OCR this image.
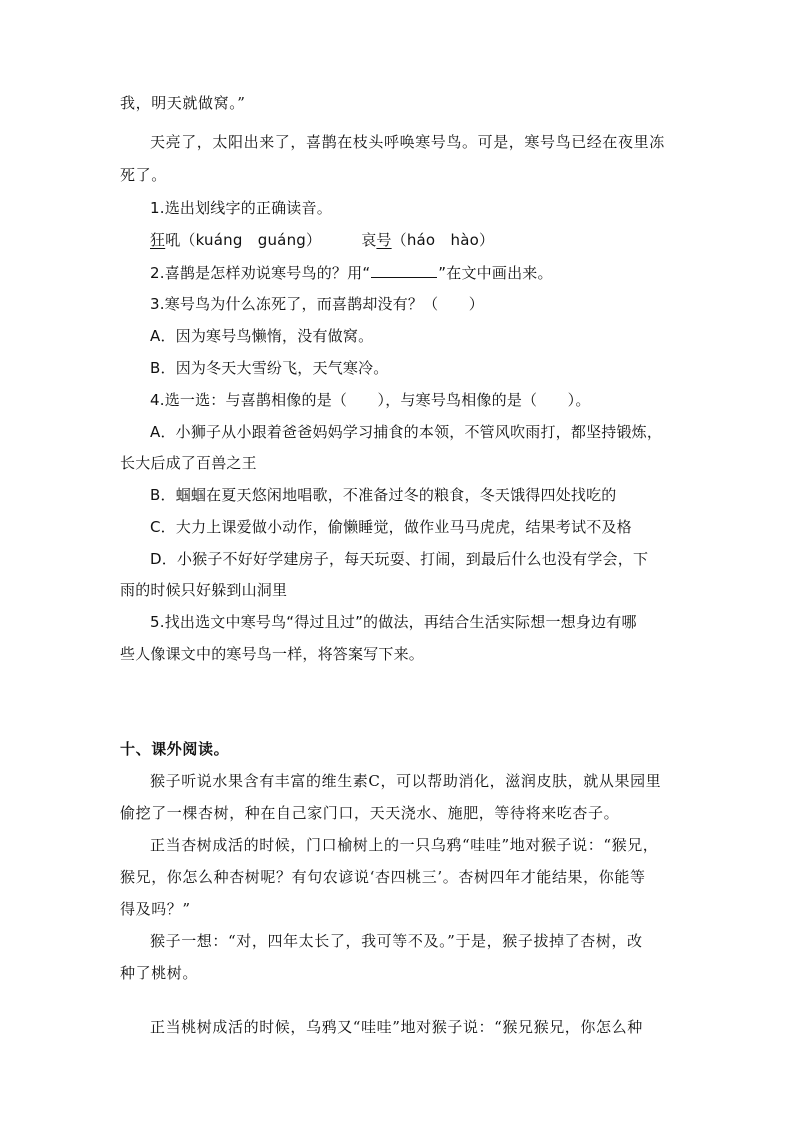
我，明天就做窝。”
天亮了，太阳出来了，喜鹊在枝头呼唤寒号鸟。可是，寒号鸟已经在夜里冻
死了。
1.选出划线字的正确读音。
狂吼（kuáng　guáng）	哀号（háo　hào）
2.喜鹊是怎样劝说寒号鸟的？用“	”在文中画出来。
3.寒号鸟为什么冻死了，而喜鹊却没有？（　　）
A．因为寒号鸟懒惰，没有做窝。
B．因为冬天大雪纷飞，天气寒冷。
4.选一选：与喜鹊相像的是（　　），与寒号鸟相像的是（　　）。
A．小狮子从小跟着爸爸妈妈学习捕食的本领，不管风吹雨打，都坚持锻炼，
长大后成了百兽之王
B．蝈蝈在夏天悠闲地唱歌，不准备过冬的粮食，冬天饿得四处找吃的
C．大力上课爱做小动作，偷懒睡觉，做作业马马虎虎，结果考试不及格
D．小猴子不好好学建房子，每天玩耍、打闹，到最后什么也没有学会，下
雨的时候只好躲到山洞里
5.找出选文中寒号鸟“得过且过”的做法，再结合生活实际想一想身边有哪
些人像课文中的寒号鸟一样，将答案写下来。
十、课外阅读。
猴子听说水果含有丰富的维生素C，可以帮助消化，滋润皮肤，就从果园里
偷挖了一棵杏树，种在自己家门口，天天浇水、施肥，等待将来吃杏子。
正当杏树成活的时候，门口榆树上的一只乌鸦“哇哇”地对猴子说：“猴兄，
猴兄，你怎么种杏树呢？有句农谚说‘杏四桃三’。杏树四年才能结果，你能等
得及吗？”
猴子一想：“对，四年太长了，我可等不及。”于是，猴子拔掉了杏树，改
种了桃树。
正当桃树成活的时候，乌鸦又“哇哇”地对猴子说：“猴兄猴兄，你怎么种
